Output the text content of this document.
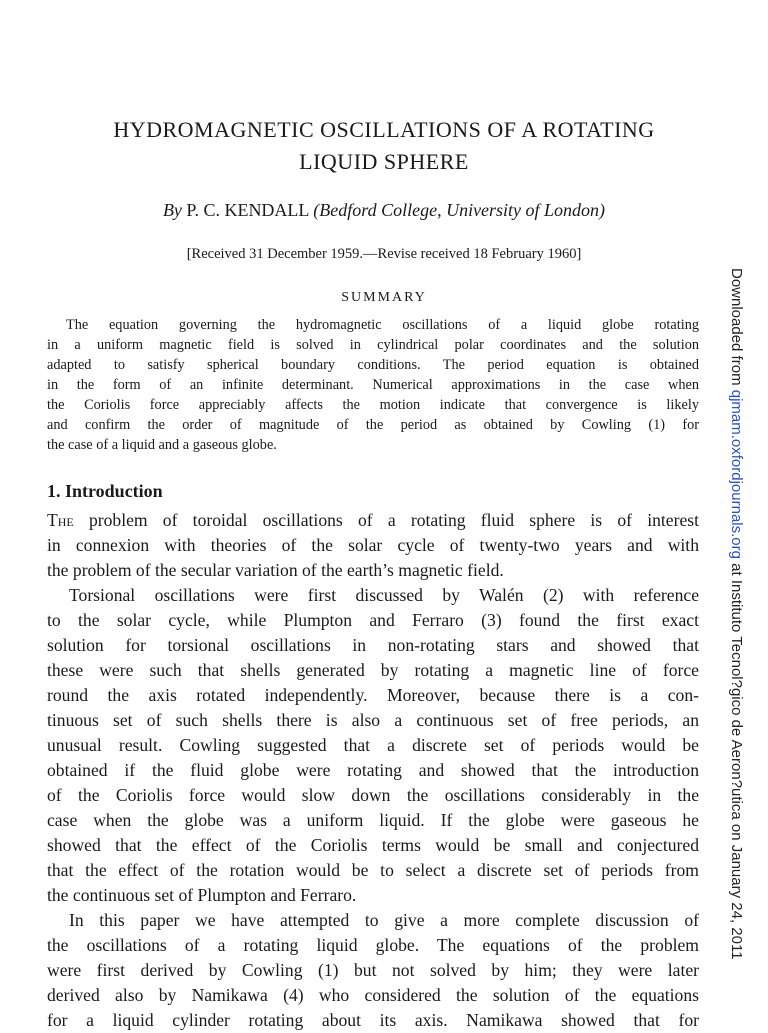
HYDROMAGNETIC OSCILLATIONS OF A ROTATING
LIQUID SPHERE
By P. C. KENDALL (Bedford College, University of London)
[Received 31 December 1959.—Revise received 18 February 1960]
SUMMARY
The equation governing the hydromagnetic oscillations of a liquid globe rotating
in a uniform magnetic field is solved in cylindrical polar coordinates and the solution
adapted to satisfy spherical boundary conditions. The period equation is obtained
in the form of an infinite determinant. Numerical approximations in the case when
the Coriolis force appreciably affects the motion indicate that convergence is likely
and confirm the order of magnitude of the period as obtained by Cowling (1) for
the case of a liquid and a gaseous globe.
1. Introduction
The problem of toroidal oscillations of a rotating fluid sphere is of interest
in connexion with theories of the solar cycle of twenty-two years and with
the problem of the secular variation of the earth’s magnetic field.
Torsional oscillations were first discussed by Walén (2) with reference
to the solar cycle, while Plumpton and Ferraro (3) found the first exact
solution for torsional oscillations in non-rotating stars and showed that
these were such that shells generated by rotating a magnetic line of force
round the axis rotated independently. Moreover, because there is a con-
tinuous set of such shells there is also a continuous set of free periods, an
unusual result. Cowling suggested that a discrete set of periods would be
obtained if the fluid globe were rotating and showed that the introduction
of the Coriolis force would slow down the oscillations considerably in the
case when the globe was a uniform liquid. If the globe were gaseous he
showed that the effect of the Coriolis terms would be small and conjectured
that the effect of the rotation would be to select a discrete set of periods from
the continuous set of Plumpton and Ferraro.
In this paper we have attempted to give a more complete discussion of
the oscillations of a rotating liquid globe. The equations of the problem
were first derived by Cowling (1) but not solved by him; they were later
derived also by Namikawa (4) who considered the solution of the equations
for a liquid cylinder rotating about its axis. Namikawa showed that for
Downloaded from qjmam.oxfordjournals.org at Instituto Tecnol?gico de Aeron?utica on January 24, 2011
